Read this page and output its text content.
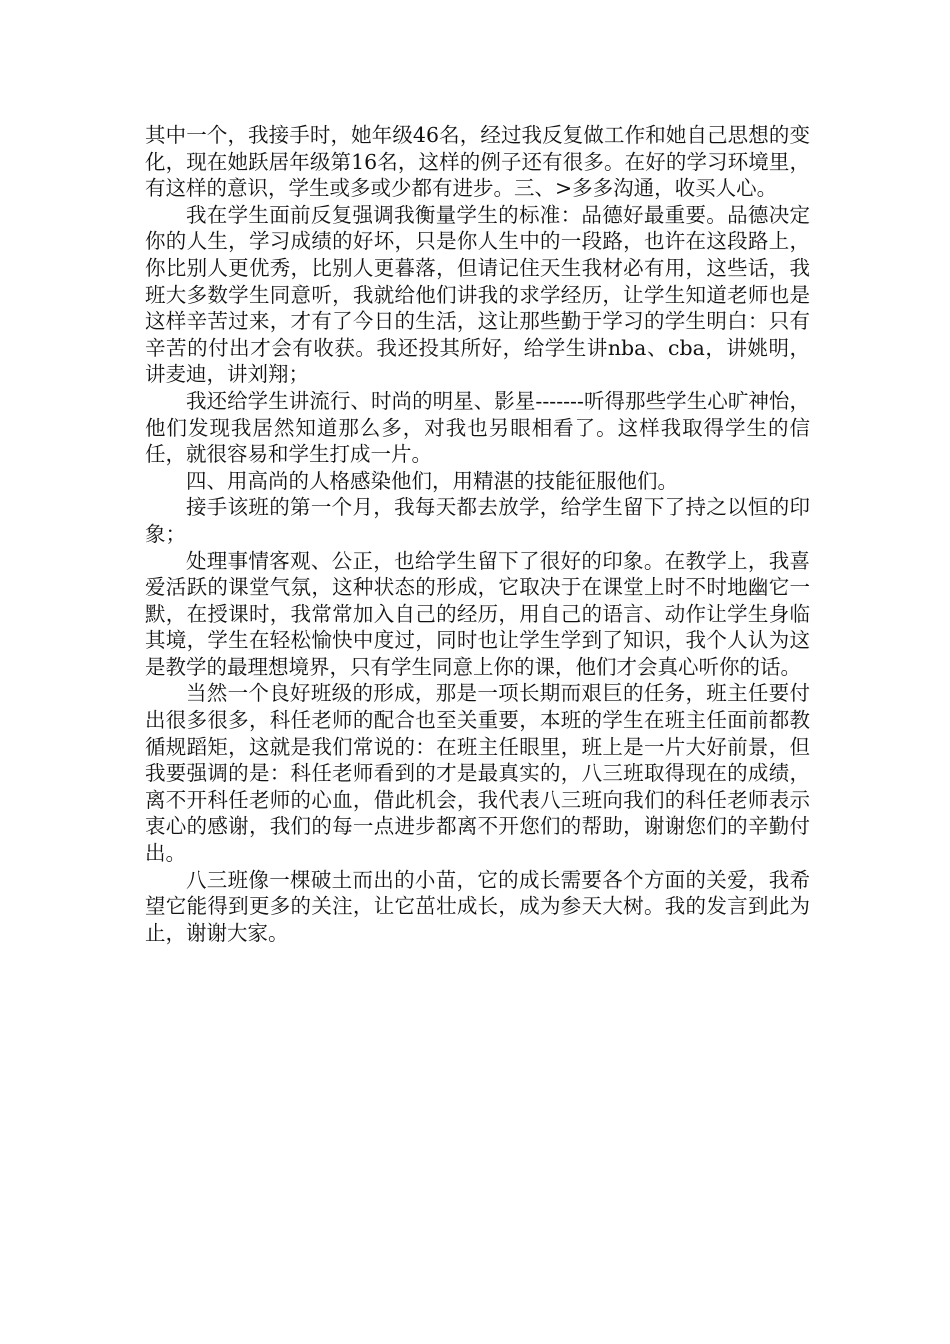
其中一个，我接手时，她年级46名，经过我反复做工作和她自己思想的变化，现在她跃居年级第16名，这样的例子还有很多。在好的学习环境里，有这样的意识，学生或多或少都有进步。三、>多多沟通，收买人心。

我在学生面前反复强调我衡量学生的标准：品德好最重要。品德决定你的人生，学习成绩的好坏，只是你人生中的一段路，也许在这段路上，你比别人更优秀，比别人更暮落，但请记住天生我材必有用，这些话，我班大多数学生同意听，我就给他们讲我的求学经历，让学生知道老师也是这样辛苦过来，才有了今日的生活，这让那些勤于学习的学生明白：只有辛苦的付出才会有收获。我还投其所好，给学生讲nba、cba，讲姚明，讲麦迪，讲刘翔；

我还给学生讲流行、时尚的明星、影星-------听得那些学生心旷神怡，他们发现我居然知道那么多，对我也另眼相看了。这样我取得学生的信任，就很容易和学生打成一片。

四、用高尚的人格感染他们，用精湛的技能征服他们。

接手该班的第一个月，我每天都去放学，给学生留下了持之以恒的印象；

处理事情客观、公正，也给学生留下了很好的印象。在教学上，我喜爱活跃的课堂气氛，这种状态的形成，它取决于在课堂上时不时地幽它一默，在授课时，我常常加入自己的经历，用自己的语言、动作让学生身临其境，学生在轻松愉快中度过，同时也让学生学到了知识，我个人认为这是教学的最理想境界，只有学生同意上你的课，他们才会真心听你的话。

当然一个良好班级的形成，那是一项长期而艰巨的任务，班主任要付出很多很多，科任老师的配合也至关重要，本班的学生在班主任面前都教循规蹈矩，这就是我们常说的：在班主任眼里，班上是一片大好前景，但我要强调的是：科任老师看到的才是最真实的，八三班取得现在的成绩，离不开科任老师的心血，借此机会，我代表八三班向我们的科任老师表示衷心的感谢，我们的每一点进步都离不开您们的帮助，谢谢您们的辛勤付出。

八三班像一棵破土而出的小苗，它的成长需要各个方面的关爱，我希望它能得到更多的关注，让它茁壮成长，成为参天大树。我的发言到此为止，谢谢大家。
